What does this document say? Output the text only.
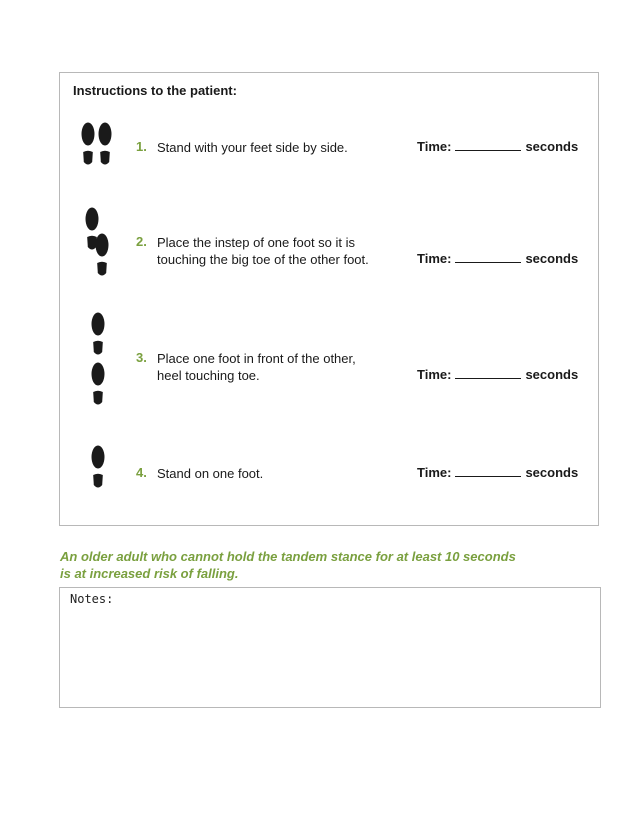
Instructions to the patient:
1. Stand with your feet side by side.	Time:	seconds
2. Place the instep of one foot so it is
touching the big toe of the other foot.	Time:	seconds
3. Place one foot in front of the other,
heel touching toe.	Time:	seconds
4. Stand on one foot.	Time:	seconds
An older adult who cannot hold the tandem stance for at least 10 seconds
is at increased risk of falling.
Notes:
